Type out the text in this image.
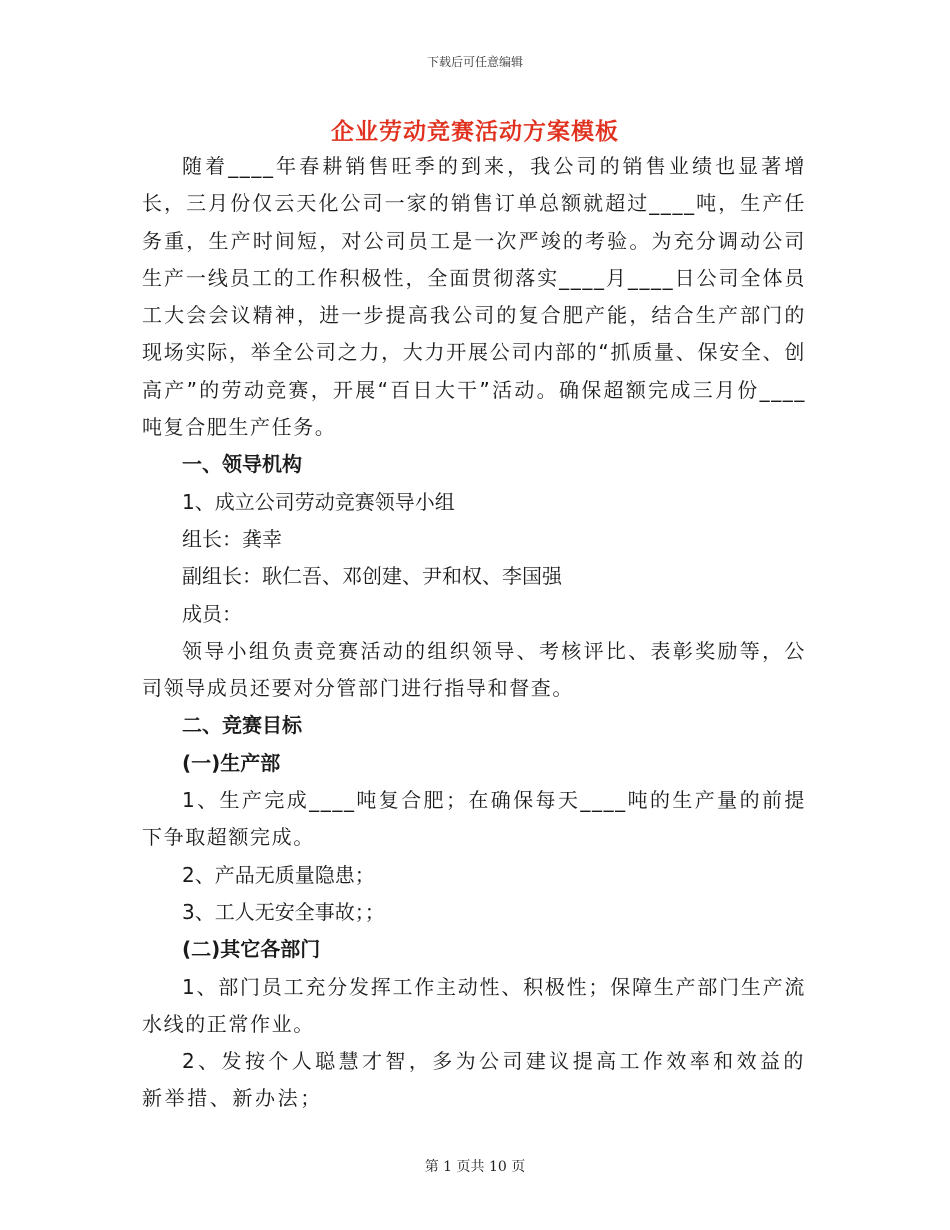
下载后可任意编辑
企业劳动竞赛活动方案模板

随着____年春耕销售旺季的到来，我公司的销售业绩也显著增长，三月份仅云天化公司一家的销售订单总额就超过____吨，生产任务重，生产时间短，对公司员工是一次严竣的考验。为充分调动公司生产一线员工的工作积极性，全面贯彻落实____月____日公司全体员工大会会议精神，进一步提高我公司的复合肥产能，结合生产部门的现场实际，举全公司之力，大力开展公司内部的“抓质量、保安全、创高产”的劳动竞赛，开展“百日大干”活动。确保超额完成三月份____吨复合肥生产任务。

一、领导机构

1、成立公司劳动竞赛领导小组

组长：龚幸

副组长：耿仁吾、邓创建、尹和权、李国强

成员：

领导小组负责竞赛活动的组织领导、考核评比、表彰奖励等，公司领导成员还要对分管部门进行指导和督查。

二、竞赛目标

(一)生产部

1、生产完成____吨复合肥；在确保每天____吨的生产量的前提下争取超额完成。

2、产品无质量隐患；

3、工人无安全事故；；

(二)其它各部门

1、部门员工充分发挥工作主动性、积极性；保障生产部门生产流水线的正常作业。

2、发按个人聪慧才智，多为公司建议提高工作效率和效益的新举措、新办法；

第 1 页共 10 页
